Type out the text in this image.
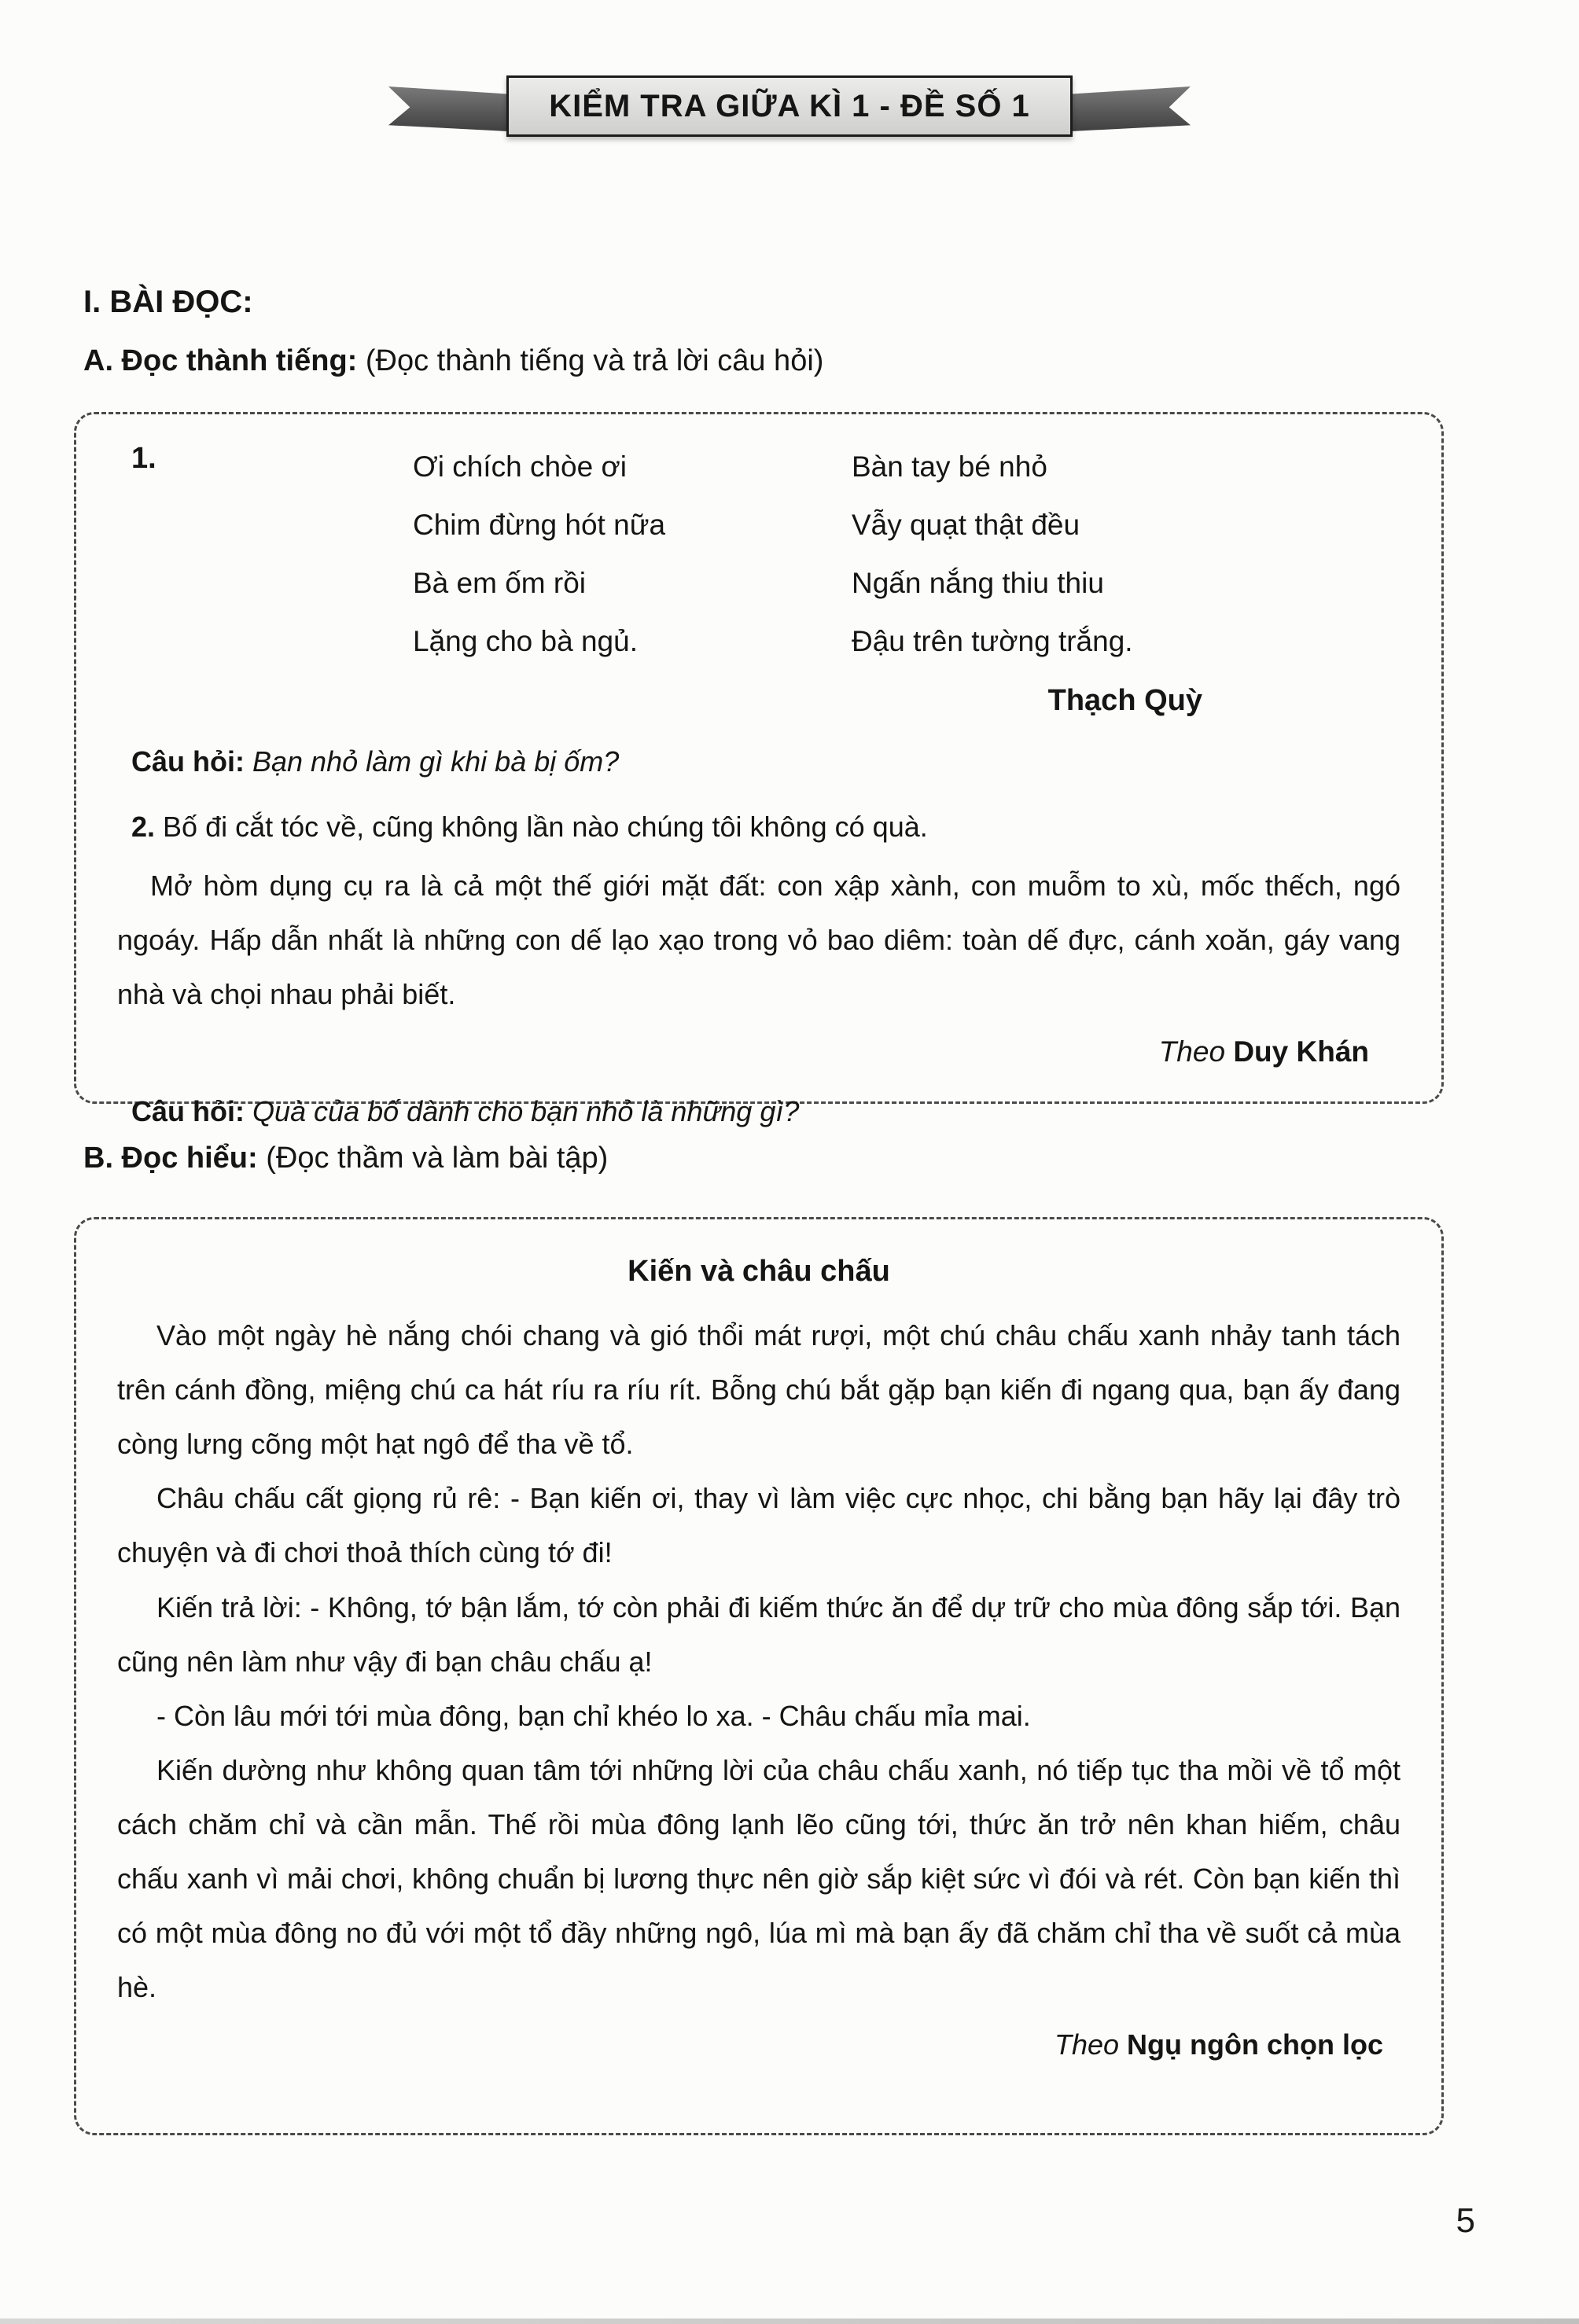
KIỂM TRA GIỮA KÌ 1 - ĐỀ SỐ 1
I. BÀI ĐỌC:
A. Đọc thành tiếng: (Đọc thành tiếng và trả lời câu hỏi)
1.	Ơi chích chòe ơi
Chim đừng hót nữa
Bà em ốm rồi
Lặng cho bà ngủ.
Bàn tay bé nhỏ
Vẫy quạt thật đều
Ngấn nắng thiu thiu
Đậu trên tường trắng.
Thạch Quỳ
Câu hỏi: Bạn nhỏ làm gì khi bà bị ốm?
2. Bố đi cắt tóc về, cũng không lần nào chúng tôi không có quà.

Mở hòm dụng cụ ra là cả một thế giới mặt đất: con xập xành, con muỗm to xù, mốc thếch, ngó ngoáy. Hấp dẫn nhất là những con dế lạo xạo trong vỏ bao diêm: toàn dế đực, cánh xoăn, gáy vang nhà và chọi nhau phải biết.

Theo Duy Khán
Câu hỏi: Quà của bố dành cho bạn nhỏ là những gì?
B. Đọc hiểu: (Đọc thầm và làm bài tập)
Kiến và châu chấu

Vào một ngày hè nắng chói chang và gió thổi mát rượi, một chú châu chấu xanh nhảy tanh tách trên cánh đồng, miệng chú ca hát ríu ra ríu rít. Bỗng chú bắt gặp bạn kiến đi ngang qua, bạn ấy đang còng lưng cõng một hạt ngô để tha về tổ.

Châu chấu cất giọng rủ rê: - Bạn kiến ơi, thay vì làm việc cực nhọc, chi bằng bạn hãy lại đây trò chuyện và đi chơi thoả thích cùng tớ đi!

Kiến trả lời: - Không, tớ bận lắm, tớ còn phải đi kiếm thức ăn để dự trữ cho mùa đông sắp tới. Bạn cũng nên làm như vậy đi bạn châu chấu ạ!

- Còn lâu mới tới mùa đông, bạn chỉ khéo lo xa. - Châu chấu mỉa mai.

Kiến dường như không quan tâm tới những lời của châu chấu xanh, nó tiếp tục tha mồi về tổ một cách chăm chỉ và cần mẫn. Thế rồi mùa đông lạnh lẽo cũng tới, thức ăn trở nên khan hiếm, châu chấu xanh vì mải chơi, không chuẩn bị lương thực nên giờ sắp kiệt sức vì đói và rét. Còn bạn kiến thì có một mùa đông no đủ với một tổ đầy những ngô, lúa mì mà bạn ấy đã chăm chỉ tha về suốt cả mùa hè.

Theo Ngụ ngôn chọn lọc
5
